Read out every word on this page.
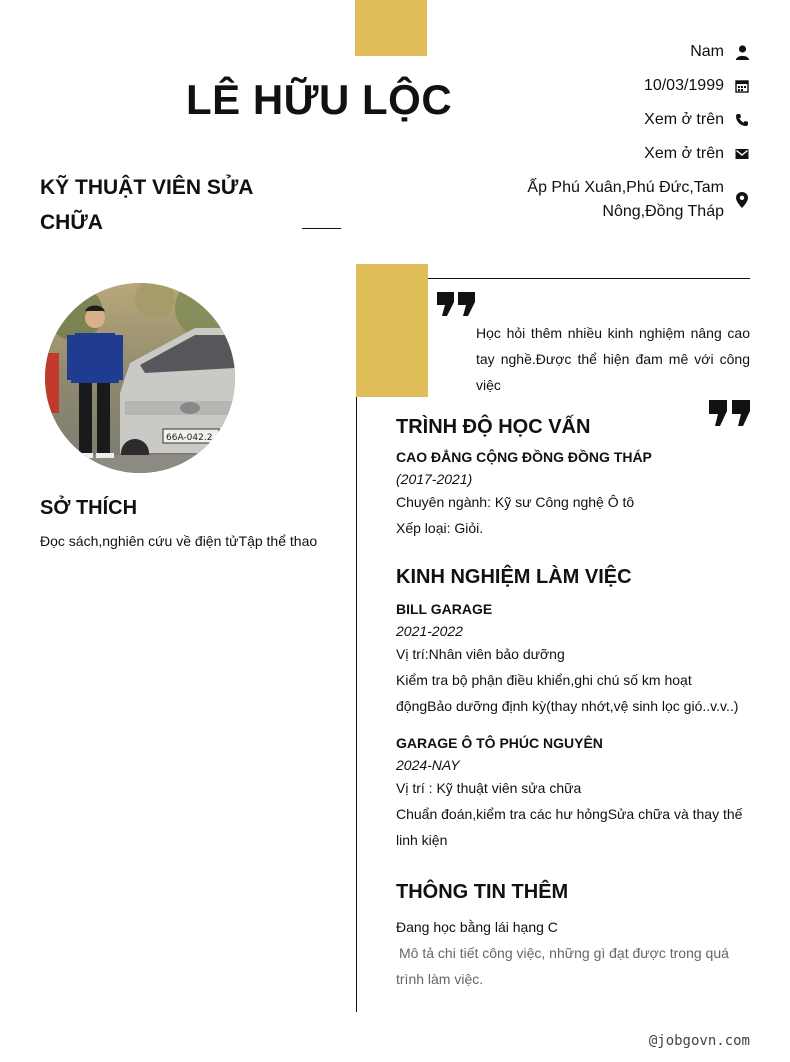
LÊ HỮU LỘC
KỸ THUẬT VIÊN SỬA CHỮA
Nam
10/03/1999
Xem ở trên
Xem ở trên
Ấp Phú Xuân,Phú Đức,Tam Nông,Đồng Tháp
66A-042.2
SỞ THÍCH
Đọc sách,nghiên cứu về điện tửTập thể thao
Học hỏi thêm nhiều kinh nghiệm nâng cao tay nghề.Được thể hiện đam mê với công việc
TRÌNH ĐỘ HỌC VẤN
CAO ĐẲNG CỘNG ĐỒNG ĐỒNG THÁP
(2017-2021)
Chuyên ngành: Kỹ sư Công nghệ Ô tô
Xếp loại: Giỏi.
KINH NGHIỆM LÀM VIỆC
BILL GARAGE
2021-2022
Vị trí:Nhân viên bảo dưỡng
Kiểm tra bộ phận điều khiển,ghi chú số km hoạt độngBảo dưỡng định kỳ(thay nhớt,vệ sinh lọc gió..v.v..)
GARAGE Ô TÔ PHÚC NGUYÊN
2024-NAY
Vị trí : Kỹ thuật viên sửa chữa
Chuẩn đoán,kiểm tra các hư hỏngSửa chữa và thay thế linh kiện
THÔNG TIN THÊM
Đang học bằng lái hạng C
Mô tả chi tiết công việc, những gì đạt được trong quá trình làm việc.
@jobgovn.com
